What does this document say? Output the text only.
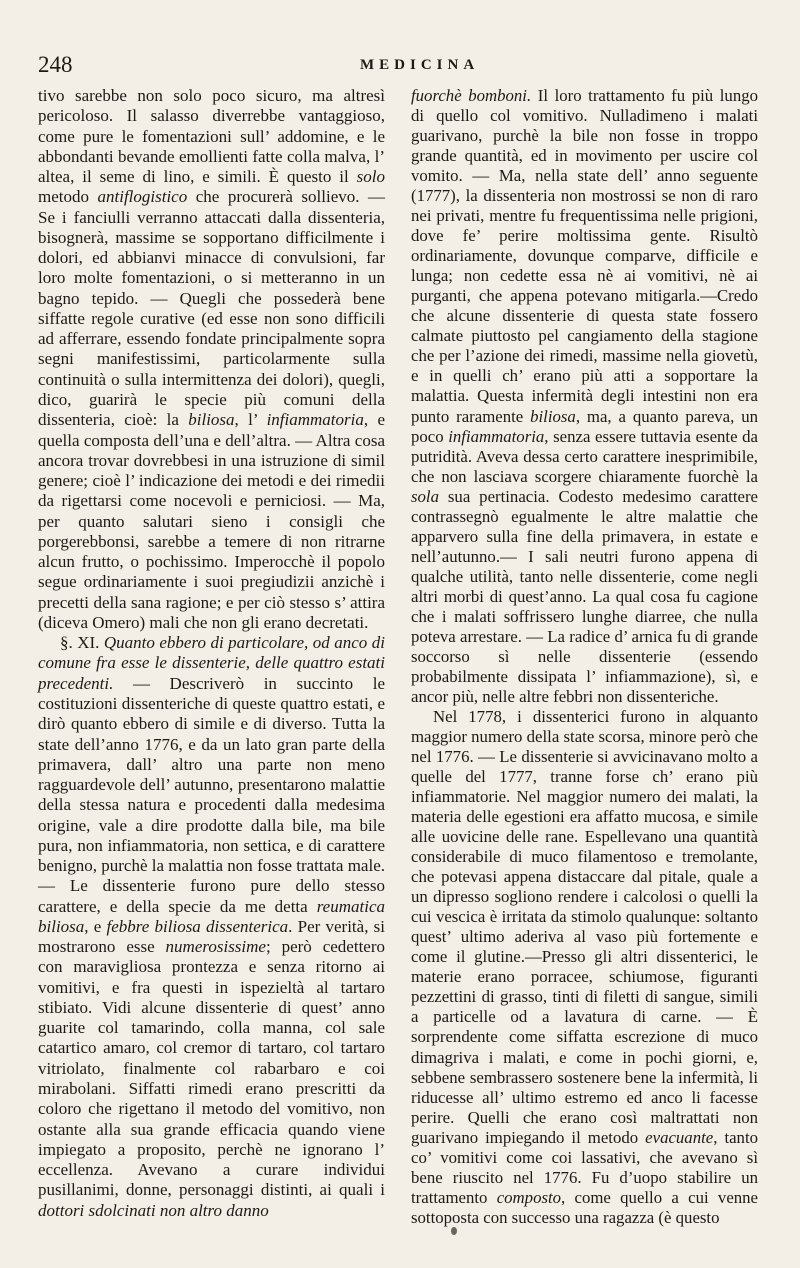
248	MEDICINA

tivo sarebbe non solo poco sicuro, ma altresì pericoloso. Il salasso diverrebbe vantaggioso, come pure le fomentazioni sull’ addomine, e le abbondanti bevande emollienti fatte colla malva, l’ altea, il seme di lino, e simili. È questo il solo metodo antiflogistico che procurerà sollievo. — Se i fanciulli verranno attaccati dalla dissenteria, bisognerà, massime se sopportano difficilmente i dolori, ed abbianvi minacce di convulsioni, far loro molte fomentazioni, o si metteranno in un bagno tepido. — Quegli che possederà bene siffatte regole curative (ed esse non sono difficili ad afferrare, essendo fondate principalmente sopra segni manifestissimi, particolarmente sulla continuità o sulla intermittenza dei dolori), quegli, dico, guarirà le specie più comuni della dissenteria, cioè: la biliosa, l’ infiammatoria, e quella composta dell’una e dell’altra. — Altra cosa ancora trovar dovrebbesi in una istruzione di simil genere; cioè l’ indicazione dei metodi e dei rimedii da rigettarsi come nocevoli e perniciosi. — Ma, per quanto salutari sieno i consigli che porgerebbonsi, sarebbe a temere di non ritrarne alcun frutto, o pochissimo. Imperocchè il popolo segue ordinariamente i suoi pregiudizii anzichè i precetti della sana ragione; e per ciò stesso s’ attira (diceva Omero) mali che non gli erano decretati.

§. XI. Quanto ebbero di particolare, od anco di comune fra esse le dissenterie, delle quattro estati precedenti. — Descriverò in succinto le costituzioni dissenteriche di queste quattro estati, e dirò quanto ebbero di simile e di diverso. Tutta la state dell’anno 1776, e da un lato gran parte della primavera, dall’ altro una parte non meno ragguardevole dell’ autunno, presentarono malattie della stessa natura e procedenti dalla medesima origine, vale a dire prodotte dalla bile, ma bile pura, non infiammatoria, non settica, e di carattere benigno, purchè la malattia non fosse trattata male. — Le dissenterie furono pure dello stesso carattere, e della specie da me detta reumatica biliosa, e febbre biliosa dissenterica. Per verità, si mostrarono esse numerosissime; però cedettero con maravigliosa prontezza e senza ritorno ai vomitivi, e fra questi in ispezieltà al tartaro stibiato. Vidi alcune dissenterie di quest’ anno guarite col tamarindo, colla manna, col sale catartico amaro, col cremor di tartaro, col tartaro vitriolato, finalmente col rabarbaro e coi mirabolani. Siffatti rimedi erano prescritti da coloro che rigettano il metodo del vomitivo, non ostante alla sua grande efficacia quando viene impiegato a proposito, perchè ne ignorano l’ eccellenza. Avevano a curare individui pusillanimi, donne, personaggi distinti, ai quali i dottori sdolcinati non altro danno

fuorchè bomboni. Il loro trattamento fu più lungo di quello col vomitivo. Nulladimeno i malati guarivano, purchè la bile non fosse in troppo grande quantità, ed in movimento per uscire col vomito. — Ma, nella state dell’ anno seguente (1777), la dissenteria non mostrossi se non di raro nei privati, mentre fu frequentissima nelle prigioni, dove fe’ perire moltissima gente. Risultò ordinariamente, dovunque comparve, difficile e lunga; non cedette essa nè ai vomitivi, nè ai purganti, che appena potevano mitigarla.—Credo che alcune dissenterie di questa state fossero calmate piuttosto pel cangiamento della stagione che per l’azione dei rimedi, massime nella giovetù, e in quelli ch’ erano più atti a sopportare la malattia. Questa infermità degli intestini non era punto raramente biliosa, ma, a quanto pareva, un poco infiammatoria, senza essere tuttavia esente da putridità. Aveva dessa certo carattere inesprimibile, che non lasciava scorgere chiaramente fuorchè la sola sua pertinacia. Codesto medesimo carattere contrassegnò egualmente le altre malattie che apparvero sulla fine della primavera, in estate e nell’autunno.— I sali neutri furono appena di qualche utilità, tanto nelle dissenterie, come negli altri morbi di quest’anno. La qual cosa fu cagione che i malati soffrissero lunghe diarree, che nulla poteva arrestare. — La radice d’ arnica fu di grande soccorso sì nelle dissenterie (essendo probabilmente dissipata l’ infiammazione), sì, e ancor più, nelle altre febbri non dissenteriche.

Nel 1778, i dissenterici furono in alquanto maggior numero della state scorsa, minore però che nel 1776. — Le dissenterie si avvicinavano molto a quelle del 1777, tranne forse ch’ erano più infiammatorie. Nel maggior numero dei malati, la materia delle egestioni era affatto mucosa, e simile alle uovicine delle rane. Espellevano una quantità considerabile di muco filamentoso e tremolante, che potevasi appena distaccare dal pitale, quale a un dipresso sogliono rendere i calcolosi o quelli la cui vescica è irritata da stimolo qualunque: soltanto quest’ ultimo aderiva al vaso più fortemente e come il glutine.—Presso gli altri dissenterici, le materie erano porracee, schiumose, figuranti pezzettini di grasso, tinti di filetti di sangue, simili a particelle od a lavatura di carne. — È sorprendente come siffatta escrezione di muco dimagriva i malati, e come in pochi giorni, e, sebbene sembrassero sostenere bene la infermità, li riducesse all’ ultimo estremo ed anco li facesse perire. Quelli che erano così maltrattati non guarivano impiegando il metodo evacuante, tanto co’ vomitivi come coi lassativi, che avevano sì bene riuscito nel 1776. Fu d’uopo stabilire un trattamento composto, come quello a cui venne sottoposta con successo una ragazza (è questo
